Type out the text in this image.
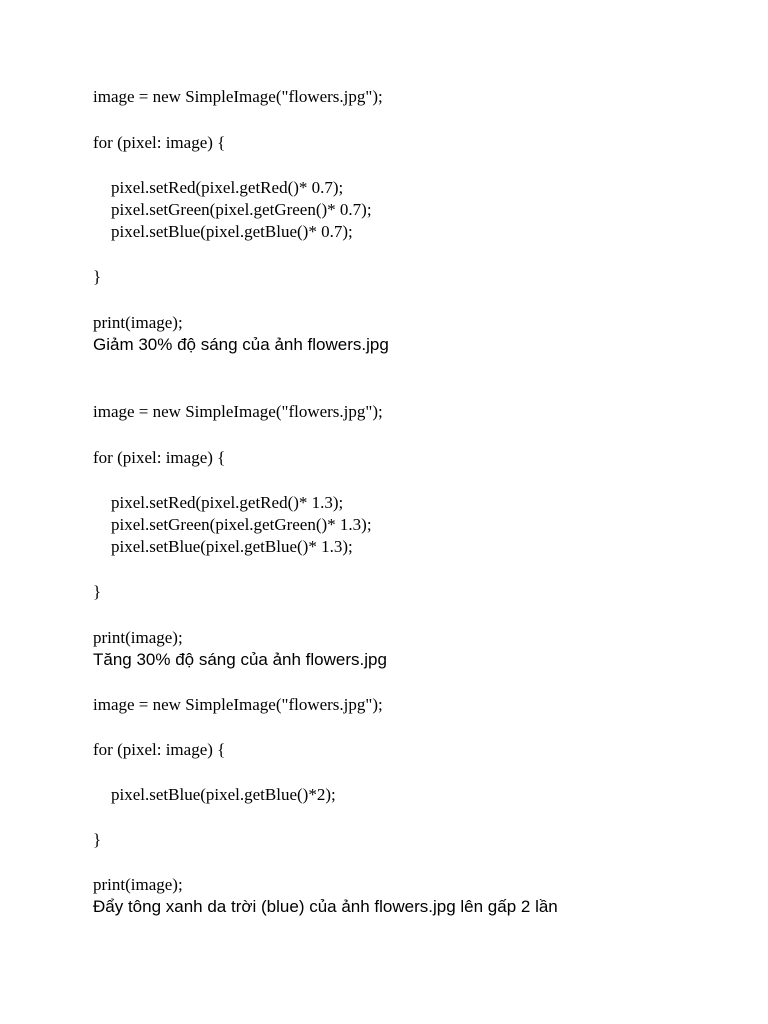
image = new SimpleImage("flowers.jpg");

for (pixel: image) {

pixel.setRed(pixel.getRed()* 0.7);

pixel.setGreen(pixel.getGreen()* 0.7);

pixel.setBlue(pixel.getBlue()* 0.7);

}

print(image);

Giảm 30% độ sáng của ảnh flowers.jpg

image = new SimpleImage("flowers.jpg");

for (pixel: image) {

pixel.setRed(pixel.getRed()* 1.3);

pixel.setGreen(pixel.getGreen()* 1.3);

pixel.setBlue(pixel.getBlue()* 1.3);

}

print(image);

Tăng 30% độ sáng của ảnh flowers.jpg

image = new SimpleImage("flowers.jpg");

for (pixel: image) {

pixel.setBlue(pixel.getBlue()*2);

}

print(image);

Đẩy tông xanh da trời (blue) của ảnh flowers.jpg lên gấp 2 lần
